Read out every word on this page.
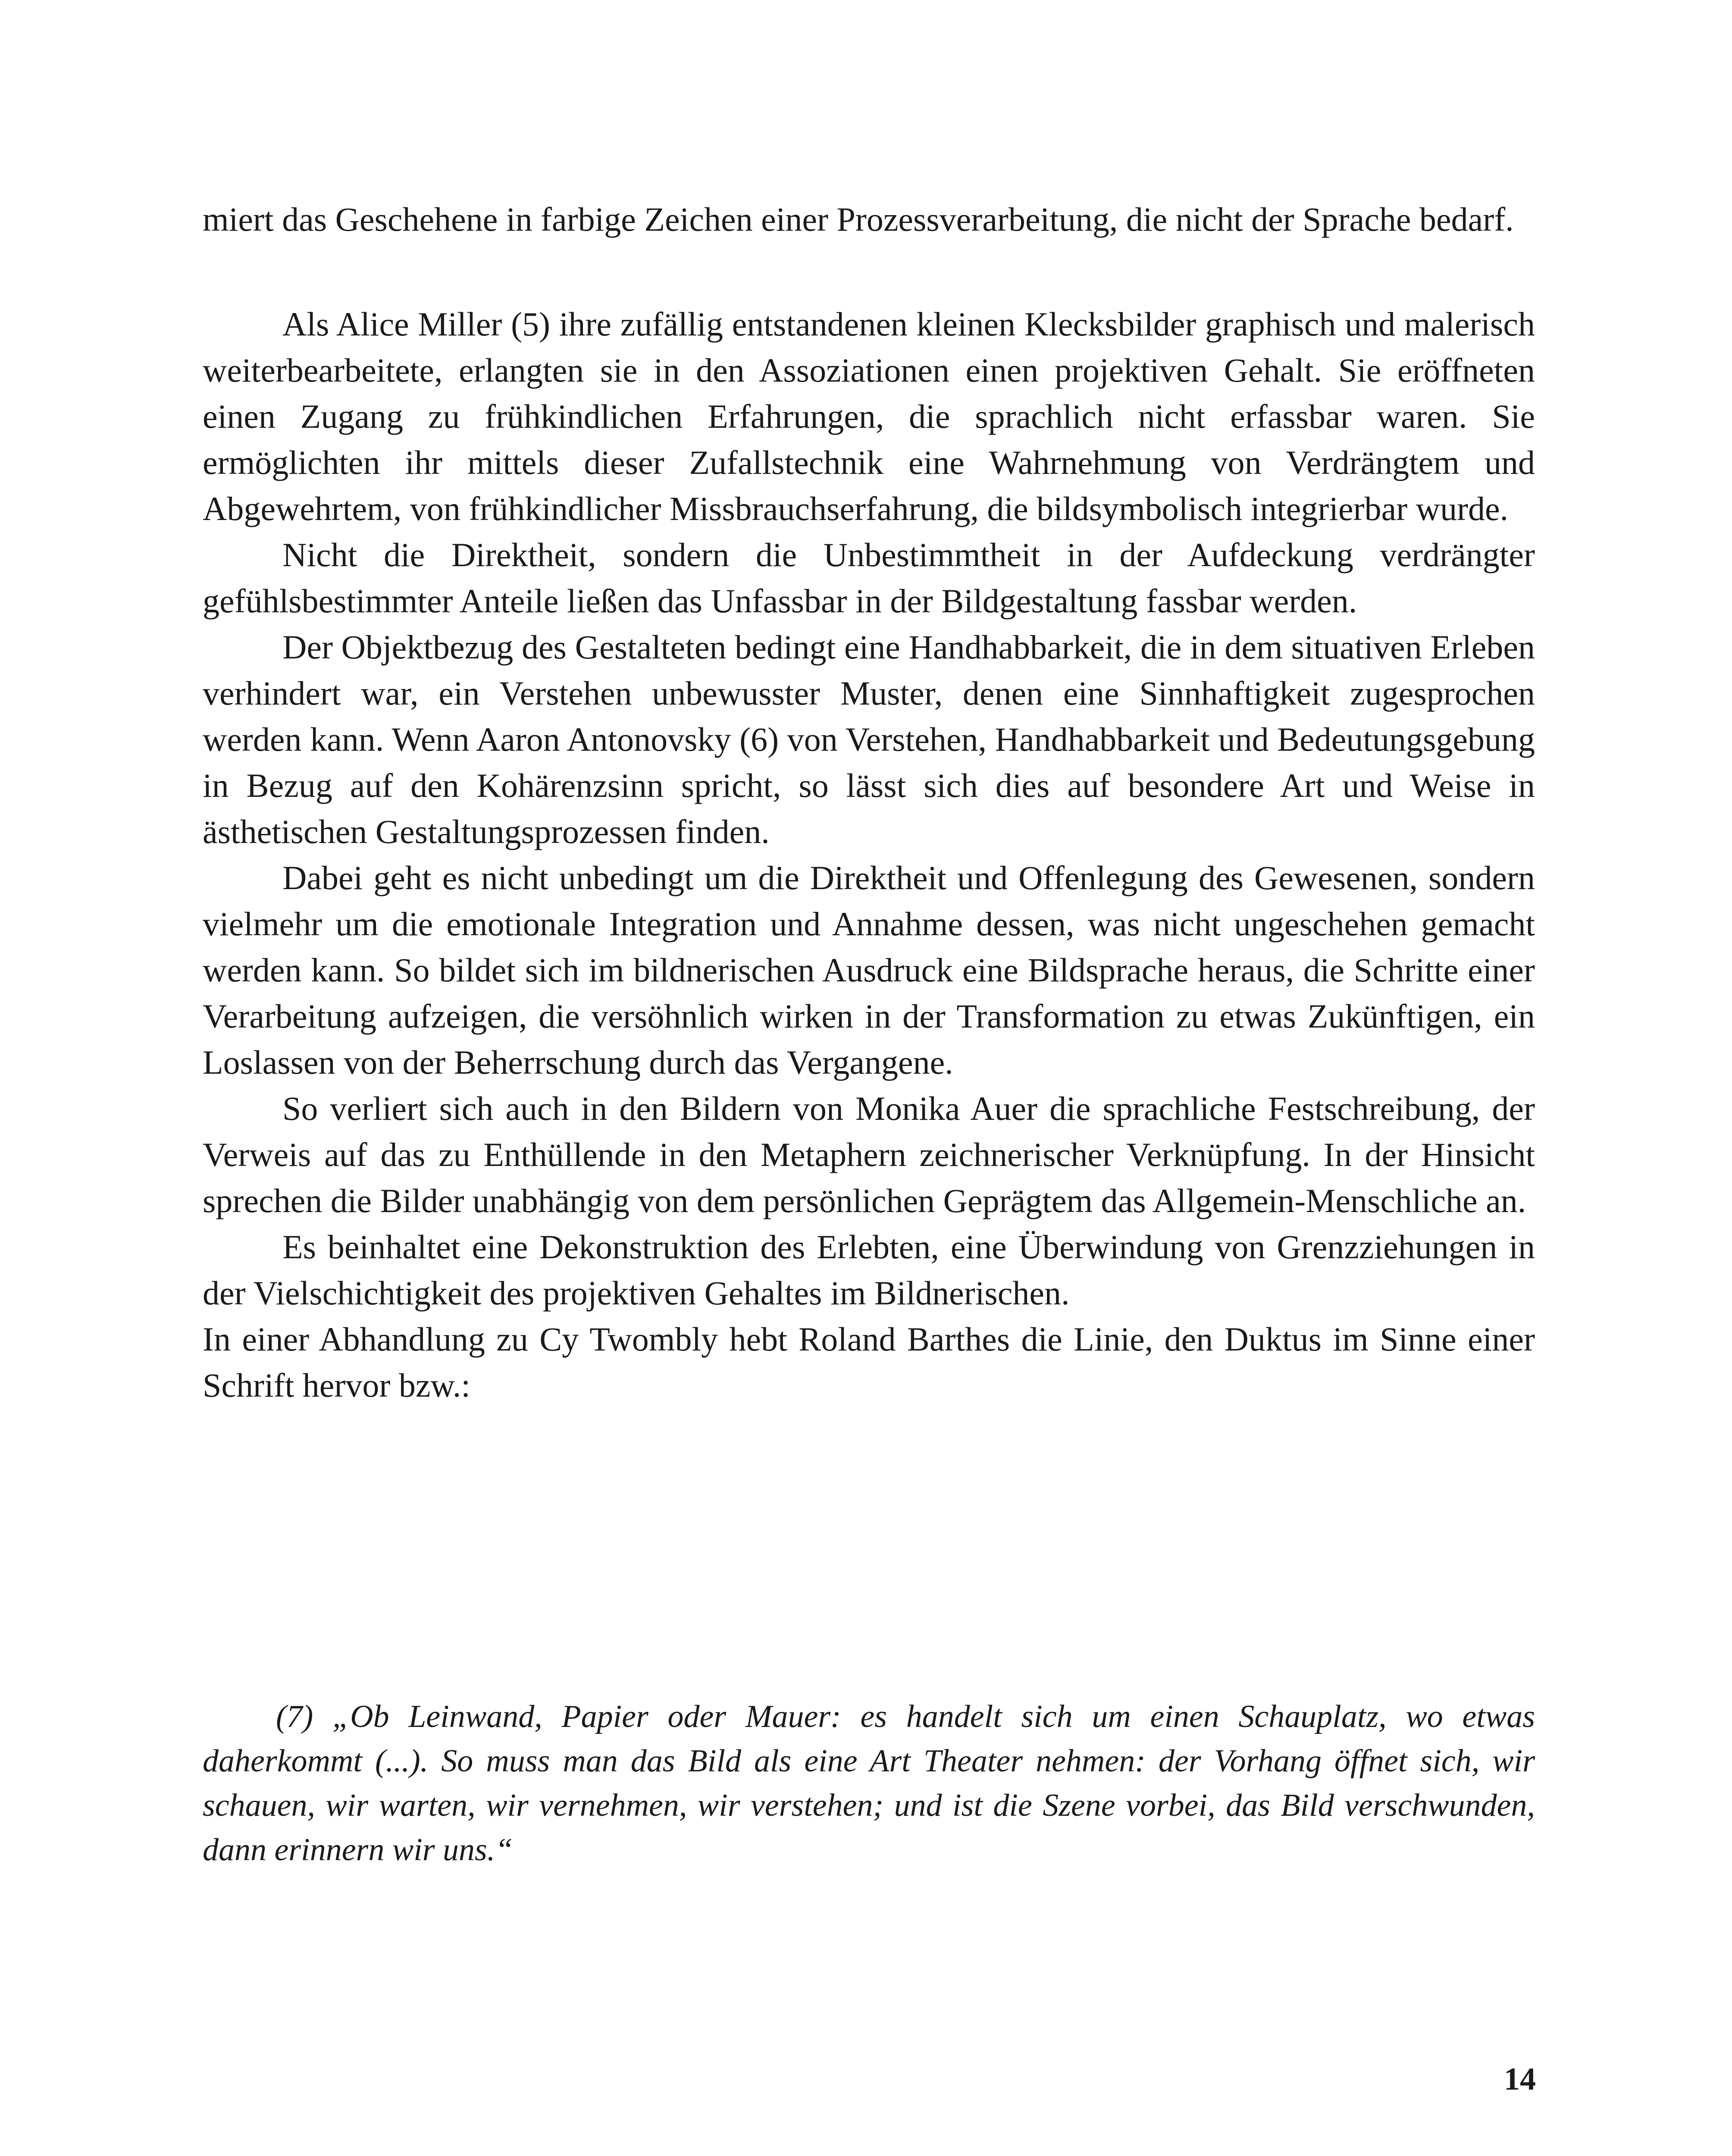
miert das Geschehene in farbige Zeichen einer Prozessverarbeitung, die nicht der Sprache bedarf.

Als Alice Miller (5) ihre zufällig entstandenen kleinen Klecksbilder graphisch und malerisch weiterbearbeitete, erlangten sie in den Assoziationen einen projektiven Gehalt. Sie eröffneten einen Zugang zu frühkindlichen Erfahrungen, die sprachlich nicht erfassbar waren. Sie ermöglichten ihr mittels dieser Zufallstechnik eine Wahrnehmung von Verdrängtem und Abgewehrtem, von frühkindlicher Missbrauchserfahrung, die bildsymbolisch integrierbar wurde.

Nicht die Direktheit, sondern die Unbestimmtheit in der Aufdeckung verdrängter gefühlsbestimmter Anteile ließen das Unfassbar in der Bildgestaltung fassbar werden.

Der Objektbezug des Gestalteten bedingt eine Handhabbarkeit, die in dem situativen Erleben verhindert war, ein Verstehen unbewusster Muster, denen eine Sinnhaftigkeit zugesprochen werden kann. Wenn Aaron Antonovsky (6) von Verstehen, Handhabbarkeit und Bedeutungsgebung in Bezug auf den Kohärenzsinn spricht, so lässt sich dies auf besondere Art und Weise in ästhetischen Gestaltungsprozessen finden.

Dabei geht es nicht unbedingt um die Direktheit und Offenlegung des Gewesenen, sondern vielmehr um die emotionale Integration und Annahme dessen, was nicht ungeschehen gemacht werden kann. So bildet sich im bildnerischen Ausdruck eine Bildsprache heraus, die Schritte einer Verarbeitung aufzeigen, die versöhnlich wirken in der Transformation zu etwas Zukünftigen, ein Loslassen von der Beherrschung durch das Vergangene.

So verliert sich auch in den Bildern von Monika Auer die sprachliche Festschreibung, der Verweis auf das zu Enthüllende in den Metaphern zeichnerischer Verknüpfung. In der Hinsicht sprechen die Bilder unabhängig von dem persönlichen Geprägtem das Allgemein-Menschliche an.

Es beinhaltet eine Dekonstruktion des Erlebten, eine Überwindung von Grenzziehungen in der Vielschichtigkeit des projektiven Gehaltes im Bildnerischen.

In einer Abhandlung zu Cy Twombly hebt Roland Barthes die Linie, den Duktus im Sinne einer Schrift hervor bzw.:

(7) „Ob Leinwand, Papier oder Mauer: es handelt sich um einen Schauplatz, wo etwas daherkommt (...). So muss man das Bild als eine Art Theater nehmen: der Vorhang öffnet sich, wir schauen, wir warten, wir vernehmen, wir verstehen; und ist die Szene vorbei, das Bild verschwunden, dann erinnern wir uns.“

14
